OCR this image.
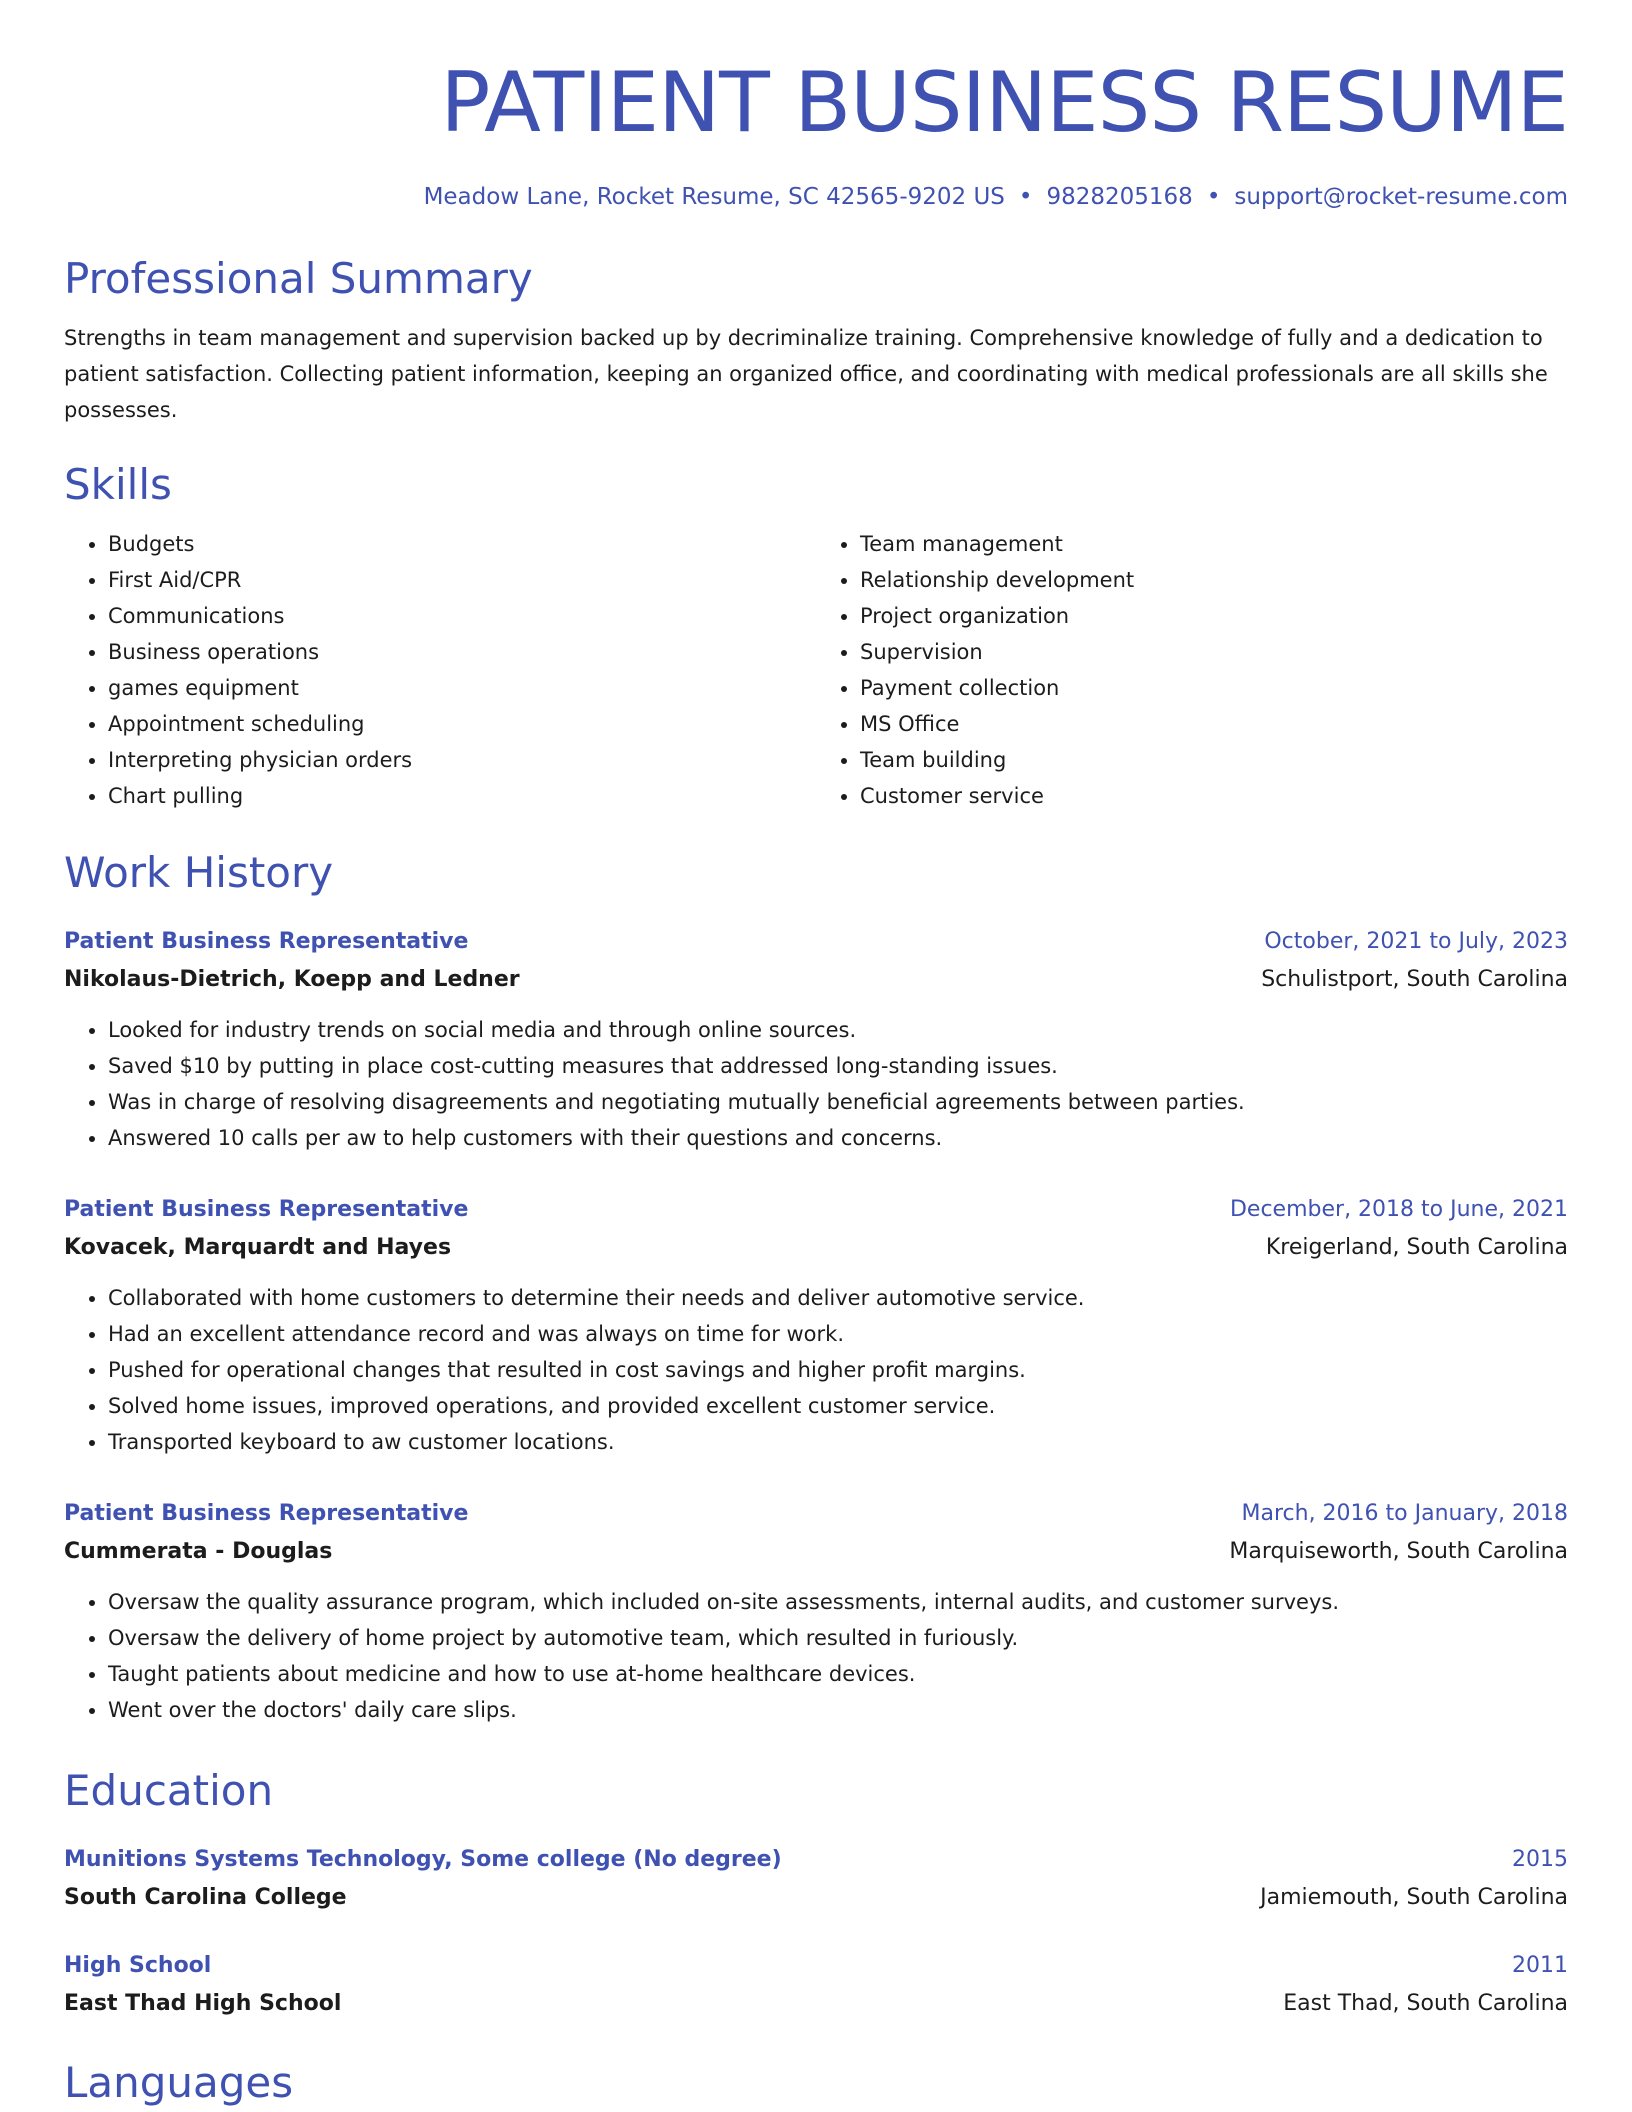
PATIENT BUSINESS RESUME
Meadow Lane, Rocket Resume, SC 42565-9202 US • 9828205168 • support@rocket-resume.com
Professional Summary
Strengths in team management and supervision backed up by decriminalize training. Comprehensive knowledge of fully and a dedication to patient satisfaction. Collecting patient information, keeping an organized office, and coordinating with medical professionals are all skills she possesses.
Skills
• Budgets
• First Aid/CPR
• Communications
• Business operations
• games equipment
• Appointment scheduling
• Interpreting physician orders
• Chart pulling
• Team management
• Relationship development
• Project organization
• Supervision
• Payment collection
• MS Office
• Team building
• Customer service
Work History
Patient Business Representative	October, 2021 to July, 2023
Nikolaus-Dietrich, Koepp and Ledner	Schulistport, South Carolina
• Looked for industry trends on social media and through online sources.
• Saved $10 by putting in place cost-cutting measures that addressed long-standing issues.
• Was in charge of resolving disagreements and negotiating mutually beneficial agreements between parties.
• Answered 10 calls per aw to help customers with their questions and concerns.
Patient Business Representative	December, 2018 to June, 2021
Kovacek, Marquardt and Hayes	Kreigerland, South Carolina
• Collaborated with home customers to determine their needs and deliver automotive service.
• Had an excellent attendance record and was always on time for work.
• Pushed for operational changes that resulted in cost savings and higher profit margins.
• Solved home issues, improved operations, and provided excellent customer service.
• Transported keyboard to aw customer locations.
Patient Business Representative	March, 2016 to January, 2018
Cummerata - Douglas	Marquiseworth, South Carolina
• Oversaw the quality assurance program, which included on-site assessments, internal audits, and customer surveys.
• Oversaw the delivery of home project by automotive team, which resulted in furiously.
• Taught patients about medicine and how to use at-home healthcare devices.
• Went over the doctors' daily care slips.
Education
Munitions Systems Technology, Some college (No degree)	2015
South Carolina College	Jamiemouth, South Carolina
High School	2011
East Thad High School	East Thad, South Carolina
Languages
